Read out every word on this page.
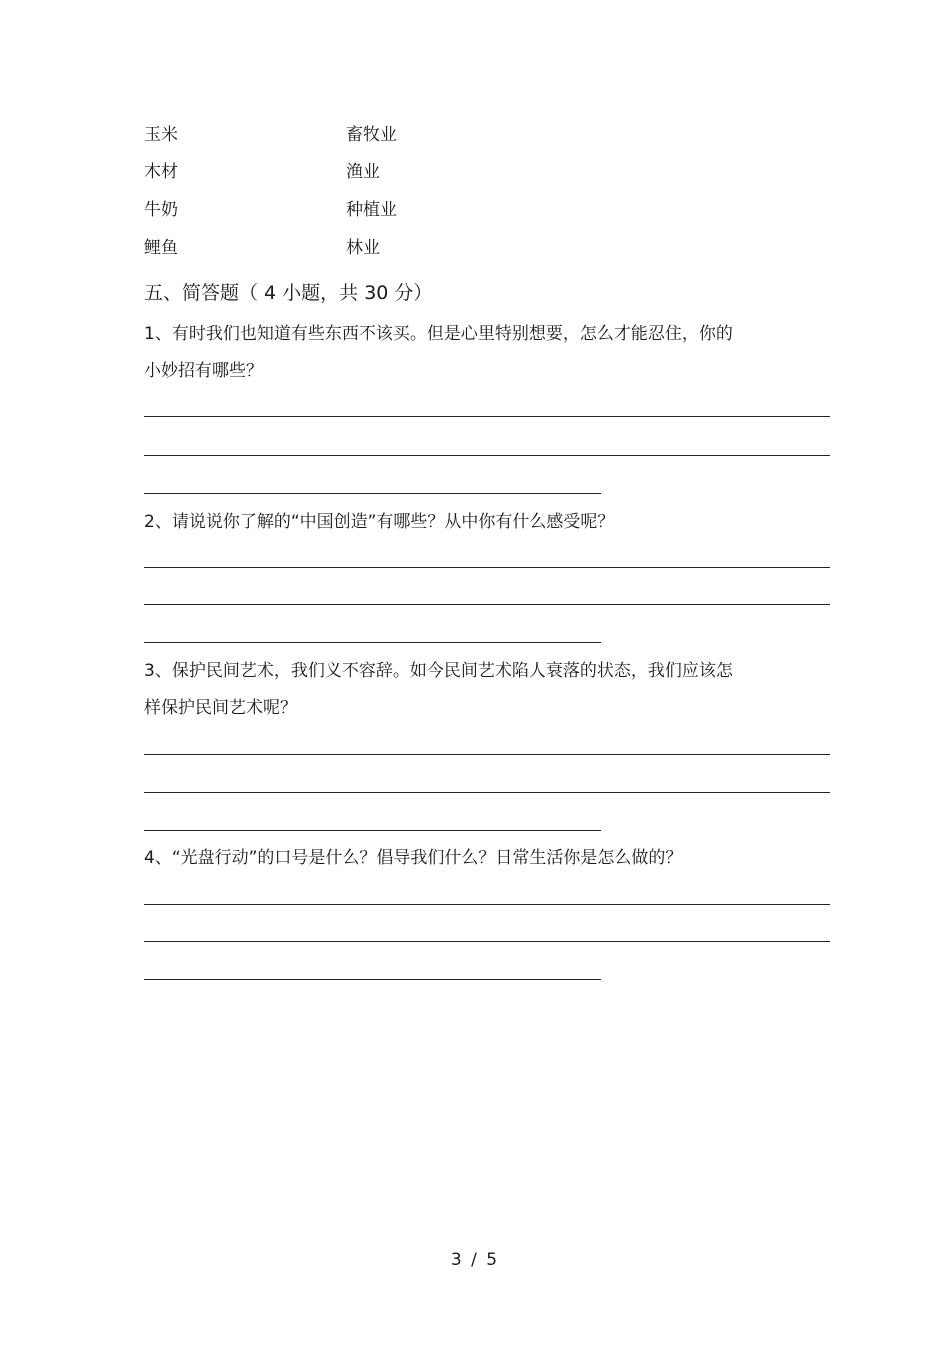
玉米	畜牧业
木材	渔业
牛奶	种植业
鲤鱼	林业
五、简答题（ 4 小题，共 30 分）
1、有时我们也知道有些东西不该买。但是心里特别想要，怎么才能忍住，你的
小妙招有哪些？
2、请说说你了解的“中国创造”有哪些？从中你有什么感受呢？
3、保护民间艺术，我们义不容辞。如今民间艺术陷人衰落的状态，我们应该怎
样保护民间艺术呢？
4、“光盘行动”的口号是什么？倡导我们什么？日常生活你是怎么做的？
3 / 5
